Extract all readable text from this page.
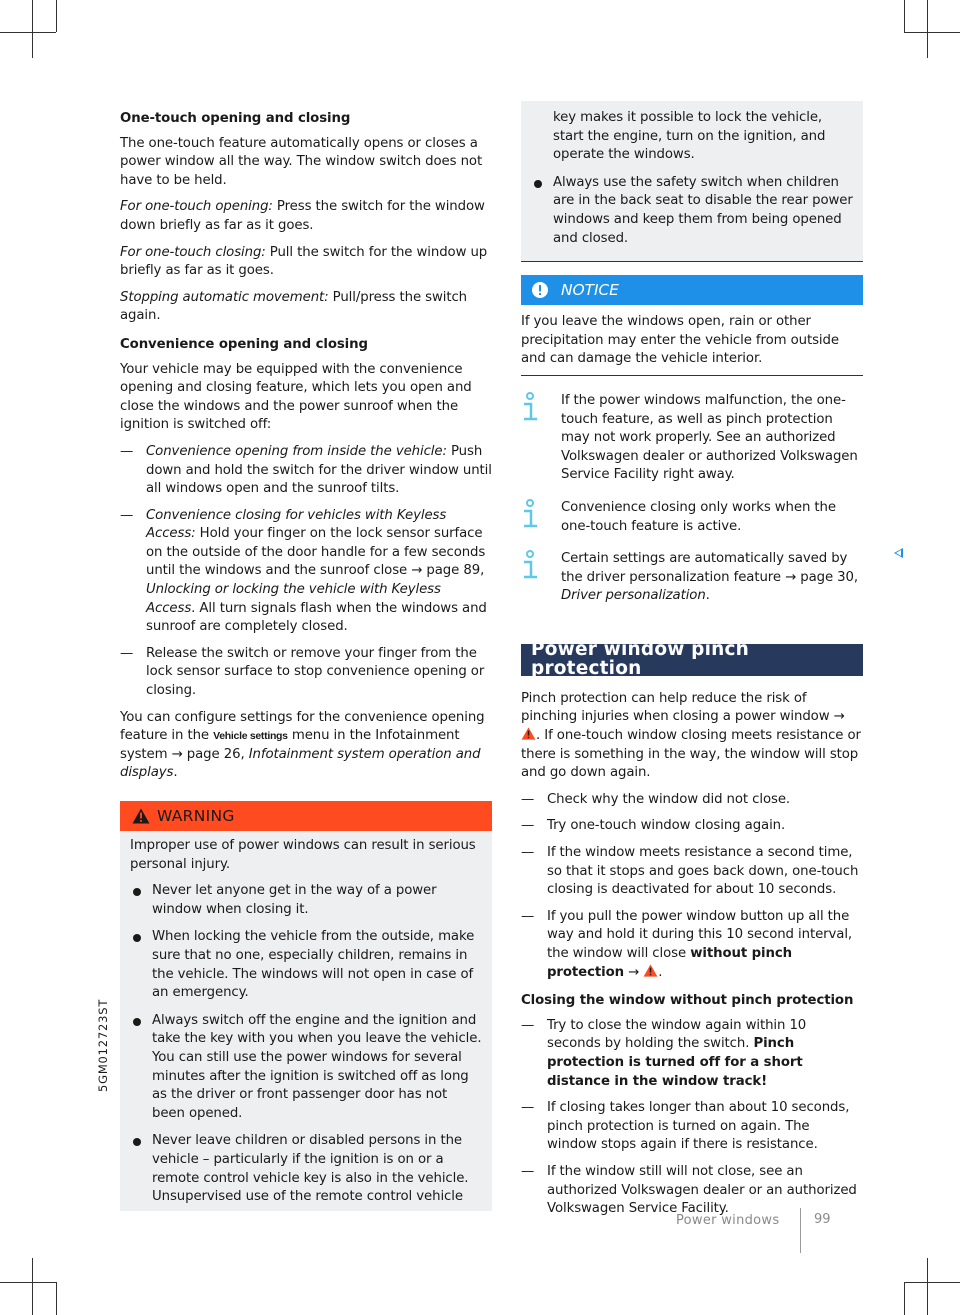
5GM012723ST

One-touch opening and closing

The one-touch feature automatically opens or closes a power window all the way. The window switch does not have to be held.

For one-touch opening: Press the switch for the window down briefly as far as it goes.

For one-touch closing: Pull the switch for the window up briefly as far as it goes.

Stopping automatic movement: Pull/press the switch again.

Convenience opening and closing

Your vehicle may be equipped with the convenience opening and closing feature, which lets you open and close the windows and the power sunroof when the ignition is switched off:

— Convenience opening from inside the vehicle: Push down and hold the switch for the driver window until all windows open and the sunroof tilts.
— Convenience closing for vehicles with Keyless Access: Hold your finger on the lock sensor surface on the outside of the door handle for a few seconds until the windows and the sunroof close → page 89, Unlocking or locking the vehicle with Keyless Access. All turn signals flash when the windows and sunroof are completely closed.
— Release the switch or remove your finger from the lock sensor surface to stop convenience opening or closing.

You can configure settings for the convenience opening feature in the Vehicle settings menu in the Infotainment system → page 26, Infotainment system operation and displays.

WARNING

Improper use of power windows can result in serious personal injury.

Never let anyone get in the way of a power window when closing it.
When locking the vehicle from the outside, make sure that no one, especially children, remains in the vehicle. The windows will not open in case of an emergency.
Always switch off the engine and the ignition and take the key with you when you leave the vehicle. You can still use the power windows for several minutes after the ignition is switched off as long as the driver or front passenger door has not been opened.
Never leave children or disabled persons in the vehicle – particularly if the ignition is on or a remote control vehicle key is also in the vehicle. Unsupervised use of the remote control vehicle

key makes it possible to lock the vehicle, start the engine, turn on the ignition, and operate the windows.

Always use the safety switch when children are in the back seat to disable the rear power windows and keep them from being opened and closed.
NOTICE
If you leave the windows open, rain or other precipitation may enter the vehicle from outside and can damage the vehicle interior.
If the power windows malfunction, the one-touch feature, as well as pinch protection may not work properly. See an authorized Volkswagen dealer or authorized Volkswagen Service Facility right away.
Convenience closing only works when the one-touch feature is active.
Certain settings are automatically saved by the driver personalization feature → page 30, Driver personalization.
Power window pinch protection

Pinch protection can help reduce the risk of pinching injuries when closing a power window → . If one-touch window closing meets resistance or there is something in the way, the window will stop and go down again.

— Check why the window did not close.
— Try one-touch window closing again.
— If the window meets resistance a second time, so that it stops and goes back down, one-touch closing is deactivated for about 10 seconds.
— If you pull the power window button up all the way and hold it during this 10 second interval, the window will close without pinch protection → .

Closing the window without pinch protection

— Try to close the window again within 10 seconds by holding the switch. Pinch protection is turned off for a short distance in the window track!
— If closing takes longer than about 10 seconds, pinch protection is turned on again. The window stops again if there is resistance.
— If the window still will not close, see an authorized Volkswagen dealer or an authorized Volkswagen Service Facility.
Power windows	99
